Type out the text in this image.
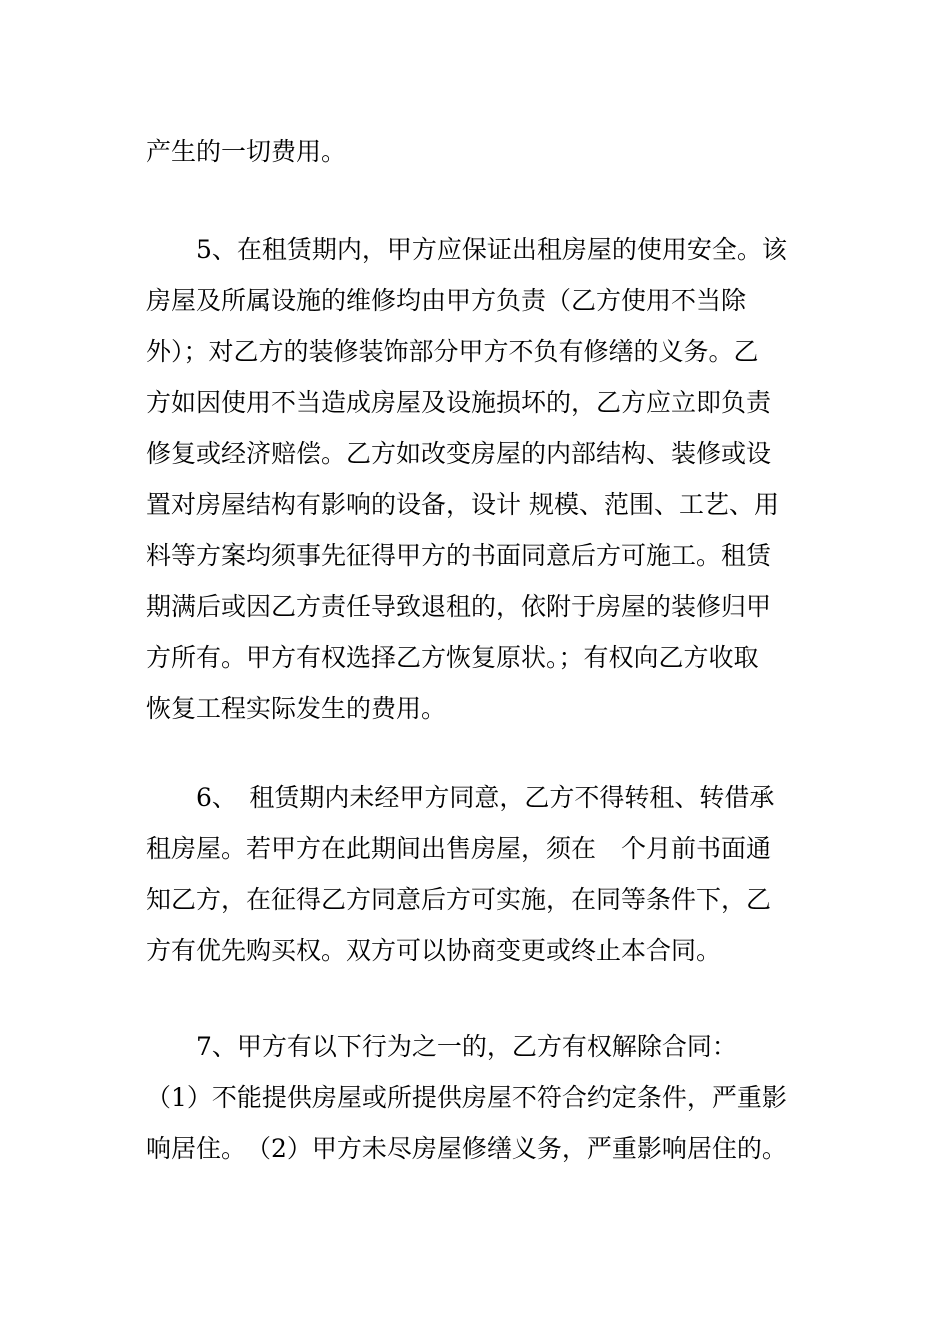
产生的一切费用。

　　5、在租赁期内，甲方应保证出租房屋的使用安全。该
房屋及所属设施的维修均由甲方负责（乙方使用不当除
外）；对乙方的装修装饰部分甲方不负有修缮的义务。乙
方如因使用不当造成房屋及设施损坏的，乙方应立即负责
修复或经济赔偿。乙方如改变房屋的内部结构、装修或设
置对房屋结构有影响的设备，设计 规模、范围、工艺、用
料等方案均须事先征得甲方的书面同意后方可施工。租赁
期满后或因乙方责任导致退租的，依附于房屋的装修归甲
方所有。甲方有权选择乙方恢复原状。；有权向乙方收取
恢复工程实际发生的费用。

　　6、　租赁期内未经甲方同意，乙方不得转租、转借承
租房屋。若甲方在此期间出售房屋，须在　个月前书面通
知乙方，在征得乙方同意后方可实施，在同等条件下，乙
方有优先购买权。双方可以协商变更或终止本合同。

　　7、甲方有以下行为之一的，乙方有权解除合同：
（1）不能提供房屋或所提供房屋不符合约定条件，严重影
响居住。　（2）甲方未尽房屋修缮义务，严重影响居住的。
